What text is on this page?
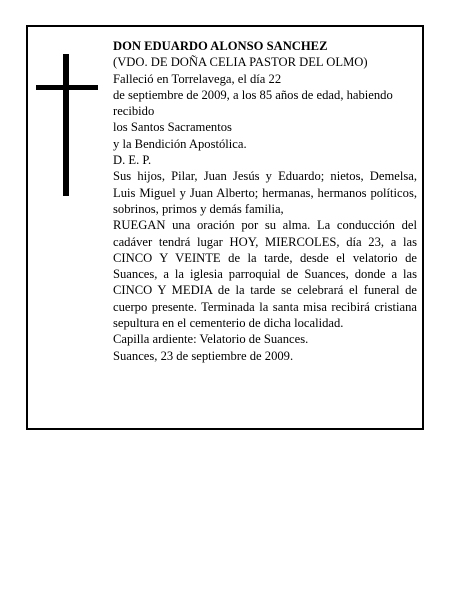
DON EDUARDO ALONSO SANCHEZ
(VDO. DE DOÑA CELIA PASTOR DEL OLMO)
Falleció en Torrelavega, el día 22
de septiembre de 2009, a los 85 años de edad, habiendo
recibido
los Santos Sacramentos
y la Bendición Apostólica.
D. E. P.
Sus hijos, Pilar, Juan Jesús y Eduardo; nietos, Demelsa, Luis Miguel y Juan Alberto; hermanas, hermanos políticos, sobrinos, primos y demás familia,
RUEGAN una oración por su alma. La conducción del cadáver tendrá lugar HOY, MIERCOLES, día 23, a las CINCO Y VEINTE de la tarde, desde el velatorio de Suances, a la iglesia parroquial de Suances, donde a las CINCO Y MEDIA de la tarde se celebrará el funeral de cuerpo presente. Terminada la santa misa recibirá cristiana sepultura en el cementerio de dicha localidad.
Capilla ardiente: Velatorio de Suances.
Suances, 23 de septiembre de 2009.
